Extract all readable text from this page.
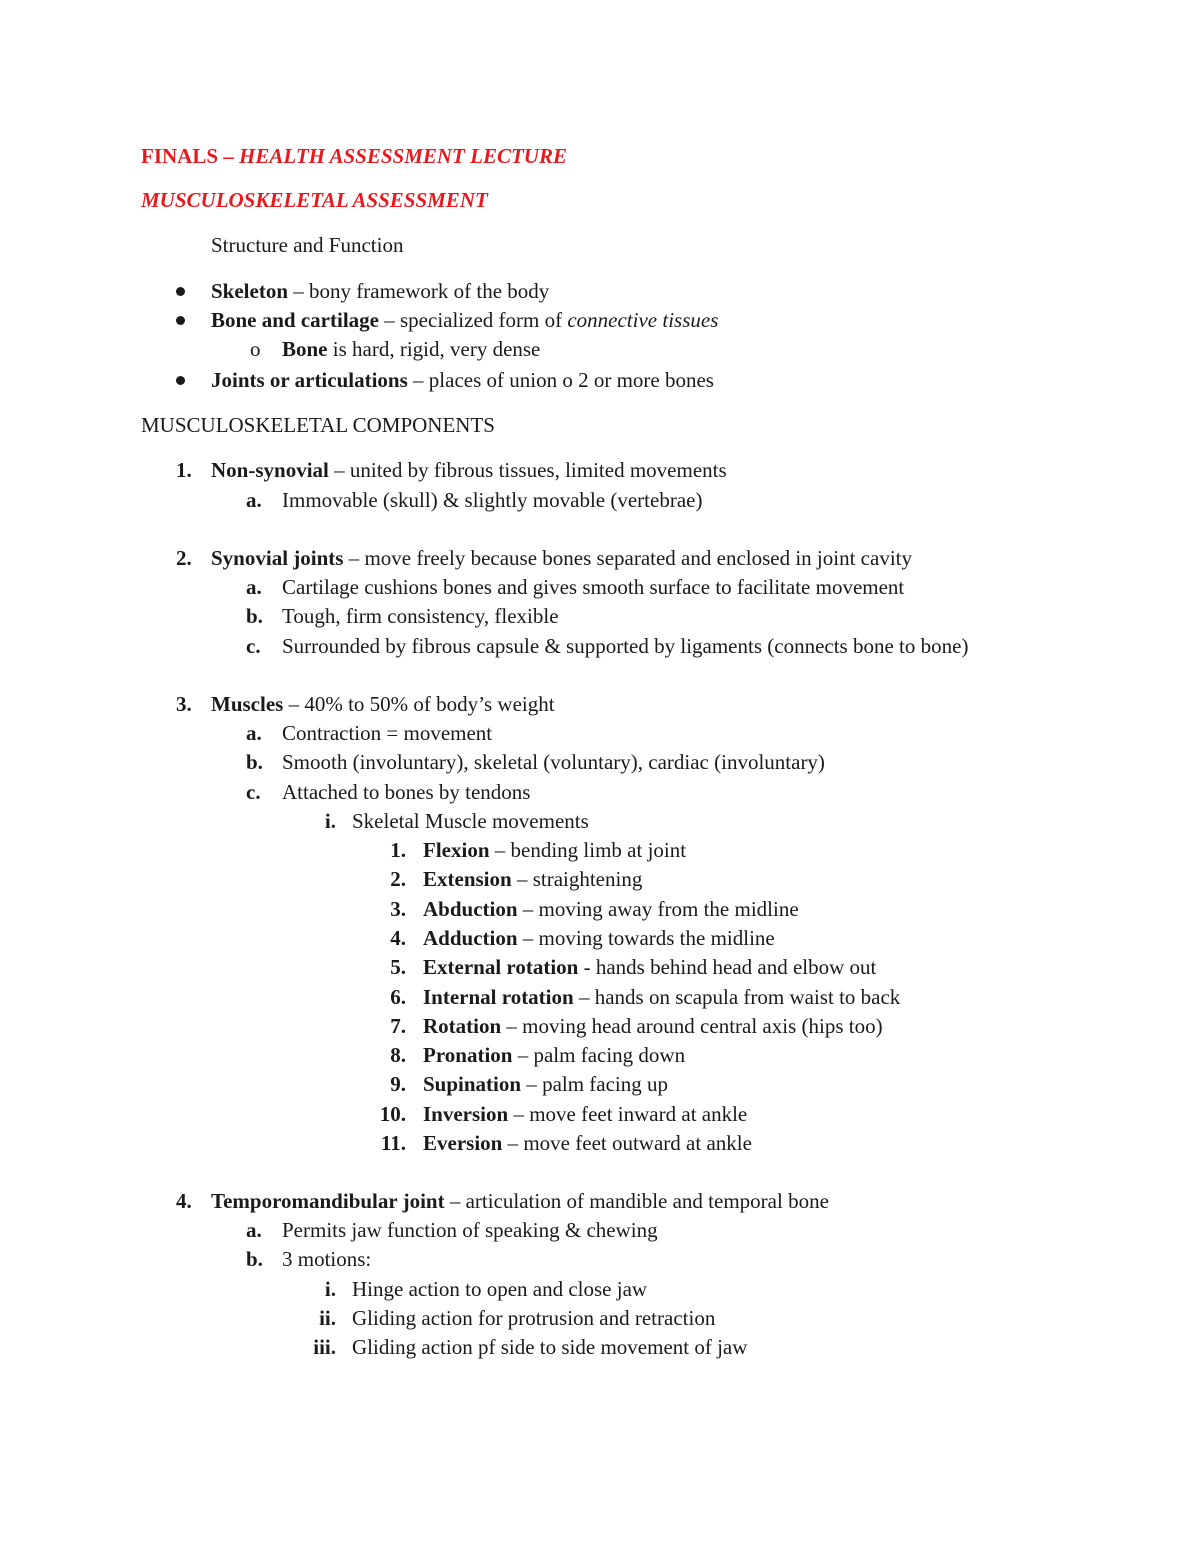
FINALS – HEALTH ASSESSMENT LECTURE
MUSCULOSKELETAL ASSESSMENT
Structure and Function
Skeleton – bony framework of the body
Bone and cartilage – specialized form of connective tissues
o Bone is hard, rigid, very dense
Joints or articulations – places of union o 2 or more bones
MUSCULOSKELETAL COMPONENTS
1. Non-synovial – united by fibrous tissues, limited movements
a. Immovable (skull) & slightly movable (vertebrae)
2. Synovial joints – move freely because bones separated and enclosed in joint cavity
a. Cartilage cushions bones and gives smooth surface to facilitate movement
b. Tough, firm consistency, flexible
c. Surrounded by fibrous capsule & supported by ligaments (connects bone to bone)
3. Muscles – 40% to 50% of body’s weight
a. Contraction = movement
b. Smooth (involuntary), skeletal (voluntary), cardiac (involuntary)
c. Attached to bones by tendons
i. Skeletal Muscle movements
1. Flexion – bending limb at joint
2. Extension – straightening
3. Abduction – moving away from the midline
4. Adduction – moving towards the midline
5. External rotation - hands behind head and elbow out
6. Internal rotation – hands on scapula from waist to back
7. Rotation – moving head around central axis (hips too)
8. Pronation – palm facing down
9. Supination – palm facing up
10. Inversion – move feet inward at ankle
11. Eversion – move feet outward at ankle
4. Temporomandibular joint – articulation of mandible and temporal bone
a. Permits jaw function of speaking & chewing
b. 3 motions:
i. Hinge action to open and close jaw
ii. Gliding action for protrusion and retraction
iii. Gliding action pf side to side movement of jaw
